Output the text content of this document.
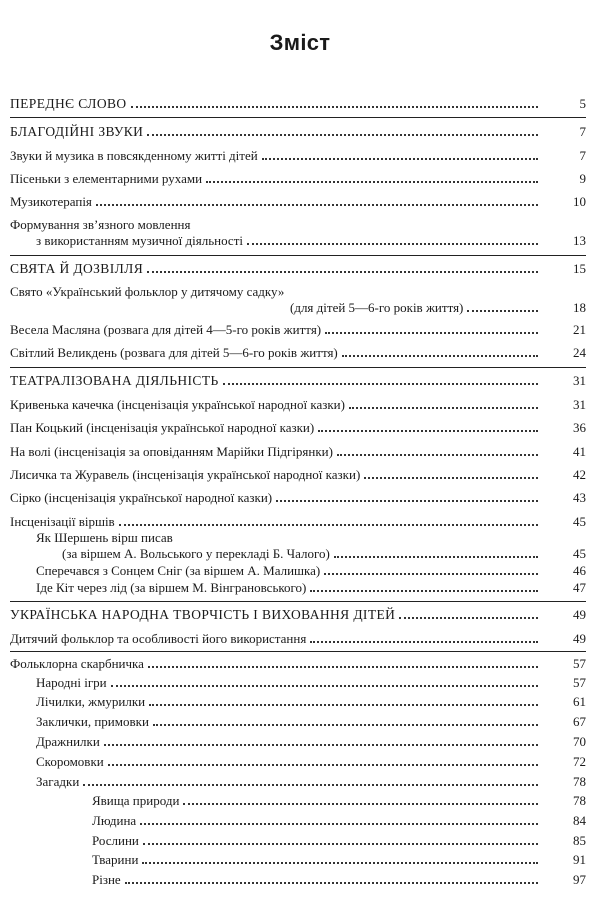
Зміст
ПЕРЕДНЄ СЛОВО	5
БЛАГОДІЙНІ ЗВУКИ	7
Звуки й музика в повсякденному житті дітей	7
Пісеньки з елементарними рухами	9
Музикотерапія	10
Формування зв’язного мовлення
з використанням музичної діяльності	13
СВЯТА Й ДОЗВІЛЛЯ	15
Свято «Український фольклор у дитячому садку»
(для дітей 5—6-го років життя)	18
Весела Масляна (розвага для дітей 4—5-го років життя)	21
Світлий Великдень (розвага для дітей 5—6-го років життя)	24
ТЕАТРАЛІЗОВАНА ДІЯЛЬНІСТЬ	31
Кривенька качечка (інсценізація української народної казки)	31
Пан Коцький (інсценізація української народної казки)	36
На волі (інсценізація за оповіданням Марійки Підгірянки)	41
Лисичка та Журавель (інсценізація української народної казки)	42
Сірко (інсценізація української народної казки)	43
Інсценізації віршів	45
Як Шершень вірш писав
(за віршем А. Вольського у перекладі Б. Чалого)	45
Сперечався з Сонцем Сніг (за віршем А. Малишка)	46
Іде Кіт через лід (за віршем М. Вінграновського)	47
УКРАЇНСЬКА НАРОДНА ТВОРЧІСТЬ І ВИХОВАННЯ ДІТЕЙ	49
Дитячий фольклор та особливості його використання	49
Фольклорна скарбничка	57
Народні ігри	57
Лічилки, жмурилки	61
Заклички, примовки	67
Дражнилки	70
Скоромовки	72
Загадки	78
Явища природи	78
Людина	84
Рослини	85
Тварини	91
Різне	97
